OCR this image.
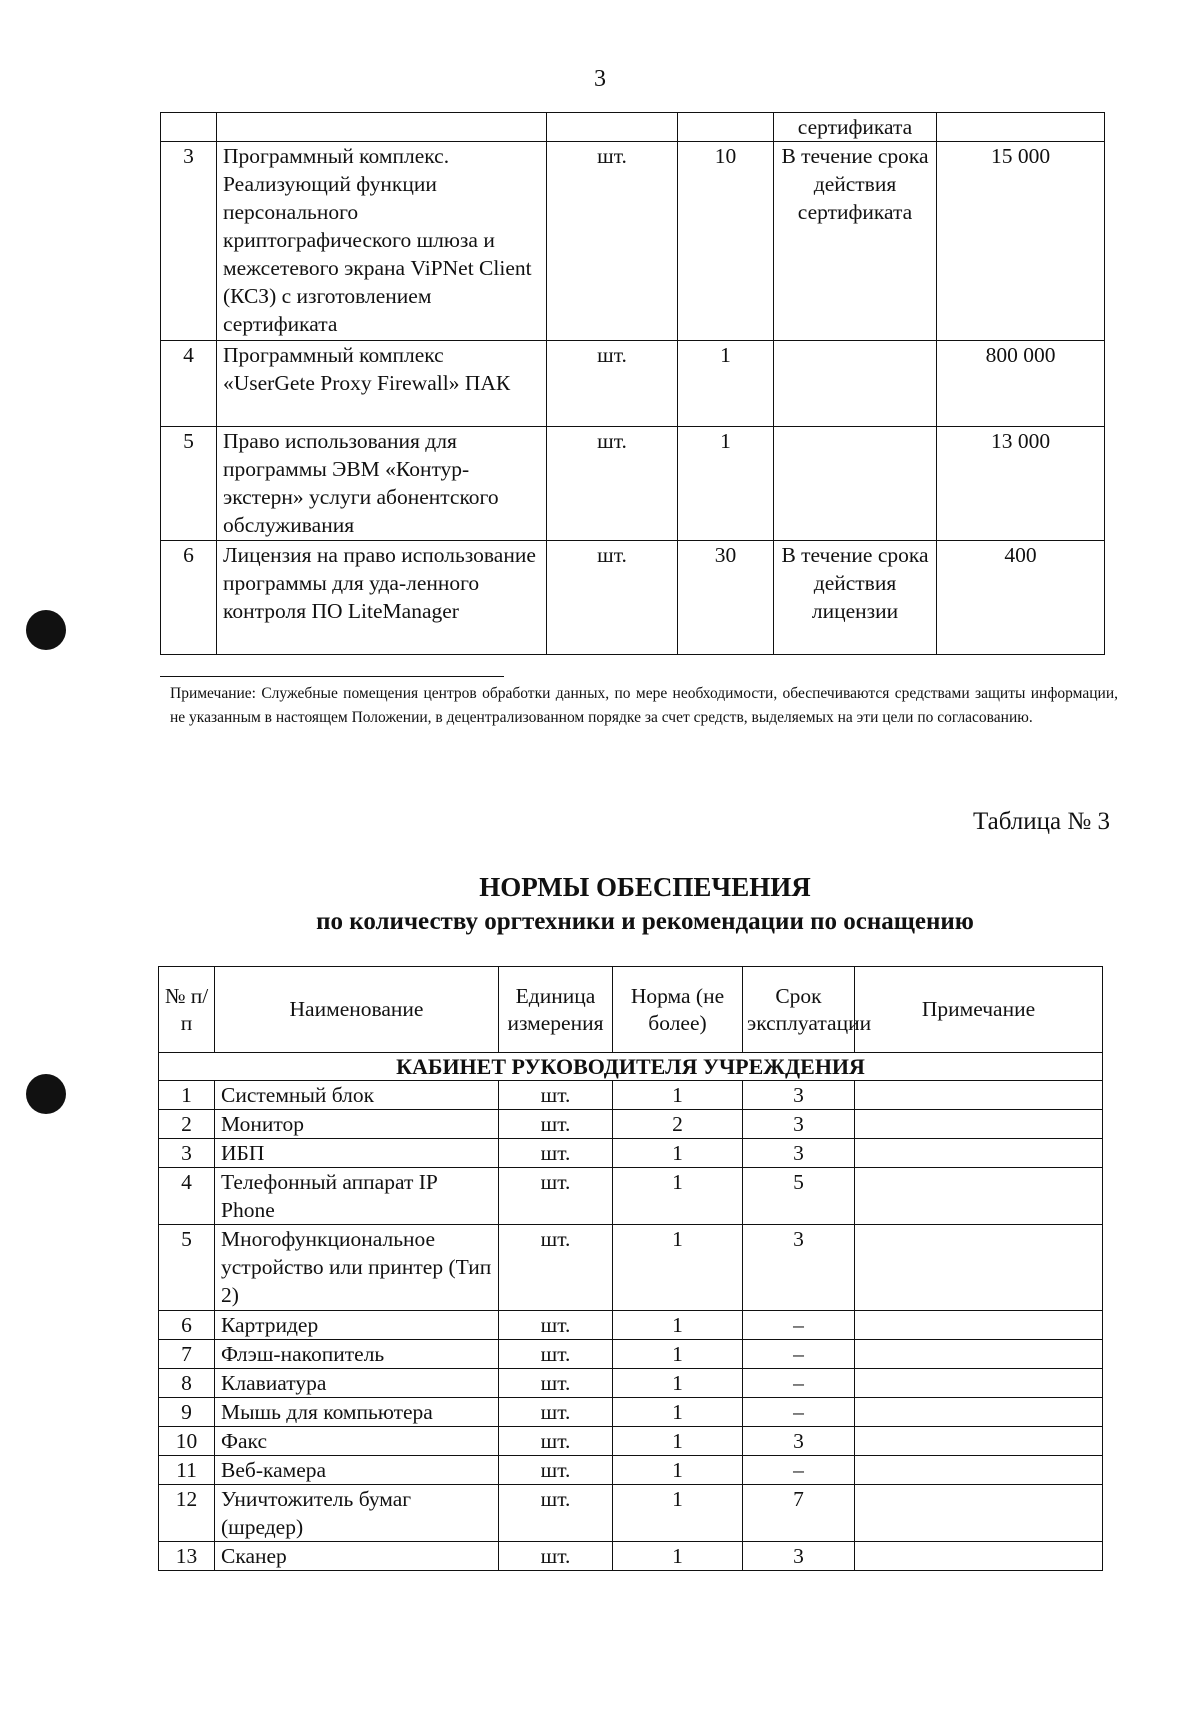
3
				сертификата	
3	Программный комплекс. Реализующий функции персонального криптографического шлюза и межсетевого экрана ViPNet Client (КСЗ) с изготовлением сертификата	шт.	10	В течение срока действия сертификата	15 000
4	Программный комплекс «UserGete Proxy Firewall» ПАК	шт.	1		800 000
5	Право использования для программы ЭВМ «Контур-экстерн» услуги абонентского обслуживания	шт.	1		13 000
6	Лицензия на право использование программы для уда-ленного контроля ПО LiteManager	шт.	30	В течение срока действия лицензии	400
Примечание: Служебные помещения центров обработки данных, по мере необходимости, обеспечиваются средствами защиты информации, не указанным в настоящем Положении, в децентрализованном порядке за счет средств, выделяемых на эти цели по согласованию.
Таблица № 3
НОРМЫ ОБЕСПЕЧЕНИЯ
по количеству оргтехники и рекомендации по оснащению
№ п/п	Наименование	Единица измерения	Норма (не более)	Срок эксплуатации	Примечание
КАБИНЕТ РУКОВОДИТЕЛЯ УЧРЕЖДЕНИЯ					
1	Системный блок	шт.	1	3	
2	Монитор	шт.	2	3	
3	ИБП	шт.	1	3	
4	Телефонный аппарат IP Phone	шт.	1	5	
5	Многофункциональное устройство или принтер (Тип 2)	шт.	1	3	
6	Картридер	шт.	1	–	
7	Флэш-накопитель	шт.	1	–	
8	Клавиатура	шт.	1	–	
9	Мышь для компьютера	шт.	1	–	
10	Факс	шт.	1	3	
11	Веб-камера	шт.	1	–	
12	Уничтожитель бумаг (шредер)	шт.	1	7	
13	Сканер	шт.	1	3	
